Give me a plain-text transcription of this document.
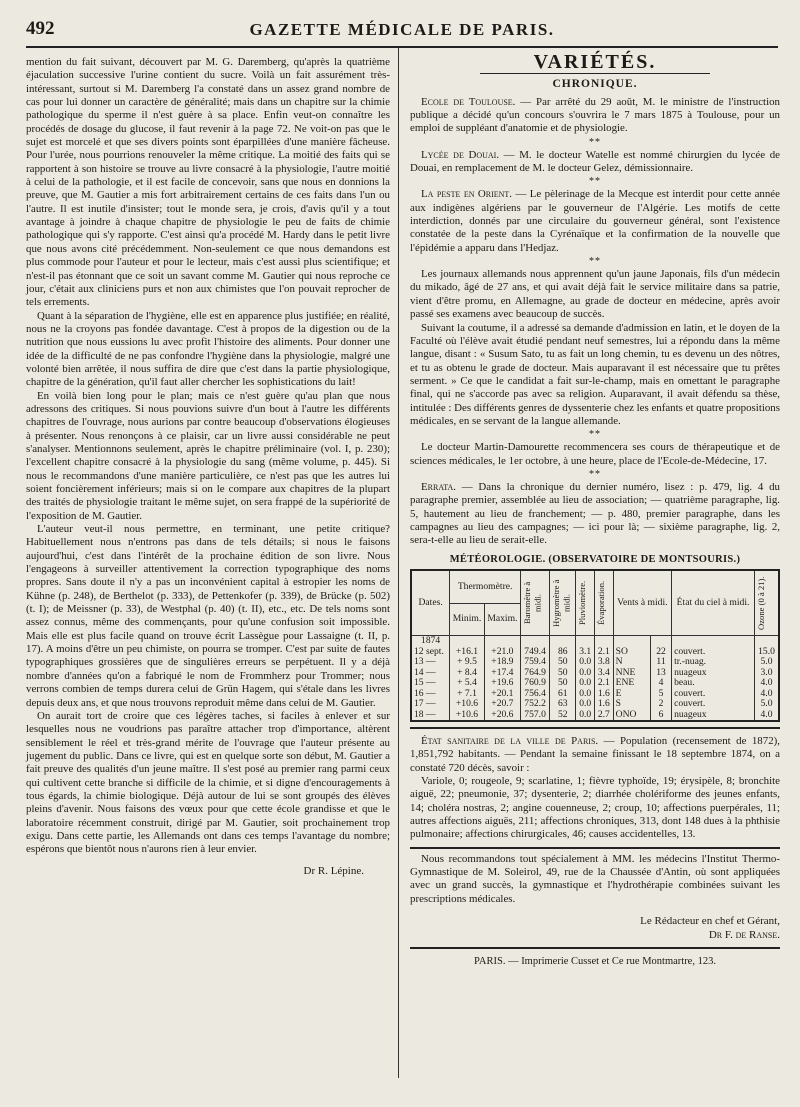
492	GAZETTE MÉDICALE DE PARIS.

mention du fait suivant, découvert par M. G. Daremberg, qu'après la quatrième éjaculation successive l'urine contient du sucre. Voilà un fait assurément très-intéressant, surtout si M. Daremberg l'a constaté dans un assez grand nombre de cas pour lui donner un caractère de généralité; mais dans un chapitre sur la chimie pathologique du sperme il n'est guère à sa place. Enfin veut-on connaître les procédés de dosage du glucose, il faut revenir à la page 72. Ne voit-on pas que le sujet est morcelé et que ses divers points sont éparpillées d'une manière fâcheuse. Pour l'urée, nous pourrions renouveler la même critique. La moitié des faits qui se rapportent à son histoire se trouve au livre consacré à la physiologie, l'autre moitié à celui de la pathologie, et il est facile de concevoir, sans que nous en donnions la preuve, que M. Gautier a mis fort arbitrairement certains de ces faits dans l'un ou l'autre. Il est inutile d'insister; tout le monde sera, je crois, d'avis qu'il y a tout avantage à joindre à chaque chapitre de physiologie le peu de faits de chimie pathologique qui s'y rapporte. C'est ainsi qu'a procédé M. Hardy dans le petit livre que nous avons cité précédemment. Non-seulement ce que nous demandons est plus commode pour l'auteur et pour le lecteur, mais c'est aussi plus scientifique; et n'est-il pas étonnant que ce soit un savant comme M. Gautier qui nous reproche ce jour, c'était aux cliniciens purs et non aux chimistes que l'on pouvait reprocher de tels errements.

Quant à la séparation de l'hygiène, elle est en apparence plus justifiée; en réalité, nous ne la croyons pas fondée davantage. C'est à propos de la digestion ou de la nutrition que nous eussions lu avec profit l'histoire des aliments. Pour donner une idée de la difficulté de ne pas confondre l'hygiène dans la physiologie, malgré une volonté bien arrêtée, il nous suffira de dire que c'est dans la partie physiologique, chapitre de la génération, qu'il faut aller chercher les sophistications du lait!

En voilà bien long pour le plan; mais ce n'est guère qu'au plan que nous adressons des critiques. Si nous pouvions suivre d'un bout à l'autre les différents chapitres de l'ouvrage, nous aurions par contre beaucoup d'observations élogieuses à présenter. Nous renonçons à ce plaisir, car un livre aussi considérable ne peut s'analyser. Mentionnons seulement, après le chapitre préliminaire (vol. I, p. 230); l'excellent chapitre consacré à la physiologie du sang (même volume, p. 445). Si nous le recommandons d'une manière particulière, ce n'est pas que les autres lui soient foncièrement inférieurs; mais si on le compare aux chapitres de la plupart des traités de physiologie traitant le même sujet, on sera frappé de la supériorité de l'exposition de M. Gautier.

L'auteur veut-il nous permettre, en terminant, une petite critique? Habituellement nous n'entrons pas dans de tels détails; si nous le faisons aujourd'hui, c'est dans l'intérêt de la prochaine édition de son livre. Nous l'engageons à surveiller attentivement la correction typographique des noms propres. Sans doute il n'y a pas un inconvénient capital à estropier les noms de Kühne (p. 248), de Berthelot (p. 333), de Pettenkofer (p. 339), de Brücke (p. 502)(t. I); de Meissner (p. 33), de Westphal (p. 40) (t. II), etc., etc. De tels noms sont assez connus, même des commençants, pour qu'une confusion soit impossible. Mais elle est plus facile quand on trouve écrit Lassègue pour Lassaigne (t. II, p. 17). A moins d'être un peu chimiste, on pourra se tromper. C'est par suite de fautes typographiques grossières que de singulières erreurs se perpétuent. Il y a déjà nombre d'années qu'on a fabriqué le nom de Frommherz pour Trommer; nous verrons combien de temps durera celui de Grün Hagem, qui s'étale dans les livres depuis deux ans, et que nous trouvons reproduit même dans celui de M. Gautier.

On aurait tort de croire que ces légères taches, si faciles à enlever et sur lesquelles nous ne voudrions pas paraître attacher trop d'importance, altèrent sensiblement le réel et très-grand mérite de l'ouvrage que l'auteur présente au jugement du public. Dans ce livre, qui est en quelque sorte son début, M. Gautier a fait preuve des qualités d'un jeune maître. Il s'est posé au premier rang parmi ceux qui cultivent cette branche si difficile de la chimie, et si digne d'encouragements à tous égards, la chimie biologique. Déjà autour de lui se sont groupés des élèves pleins d'avenir. Nous faisons des vœux pour que cette école grandisse et que le laboratoire récemment construit, dirigé par M. Gautier, soit prochainement trop exigu. Dans cette partie, les Allemands ont dans ces temps l'avantage du nombre; espérons que bientôt nous n'aurons rien à leur envier.

Dr R. Lépine.
VARIÉTÉS.
CHRONIQUE.

Ecole de Toulouse. — Par arrêté du 29 août, M. le ministre de l'instruction publique a décidé qu'un concours s'ouvrira le 7 mars 1875 à Toulouse, pour un emploi de suppléant d'anatomie et de physiologie.

**

Lycée de Douai. — M. le docteur Watelle est nommé chirurgien du lycée de Douai, en remplacement de M. le docteur Gelez, démissionnaire.

**

La peste en Orient. — Le pèlerinage de la Mecque est interdit pour cette année aux indigènes algériens par le gouverneur de l'Algérie. Les motifs de cette interdiction, donnés par une circulaire du gouverneur général, sont l'existence constatée de la peste dans la Cyrénaïque et la confirmation de la nouvelle que l'épidémie a apparu dans l'Hedjaz.

**

Les journaux allemands nous apprennent qu'un jaune Japonais, fils d'un médecin du mikado, âgé de 27 ans, et qui avait déjà fait le service militaire dans sa patrie, vient d'être promu, en Allemagne, au grade de docteur en médecine, après avoir passé ses examens avec beaucoup de succès.

Suivant la coutume, il a adressé sa demande d'admission en latin, et le doyen de la Faculté où l'élève avait étudié pendant neuf semestres, lui a répondu dans la même langue, disant : « Susum Sato, tu as fait un long chemin, tu es devenu un des nôtres, et tu as obtenu le grade de docteur. Mais auparavant il est nécessaire que tu prêtes serment. » Ce que le candidat a fait sur-le-champ, mais en omettant le paragraphe final, qui ne s'accorde pas avec sa religion. Auparavant, il avait défendu sa thèse, intitulée : Des différents genres de dyssenterie chez les enfants et quatre propositions médicales, en se servant de la langue allemande.

**

Le docteur Martin-Damourette recommencera ses cours de thérapeutique et de sciences médicales, le 1er octobre, à une heure, place de l'Ecole-de-Médecine, 17.

**

Errata. — Dans la chronique du dernier numéro, lisez : p. 479, lig. 4 du paragraphe premier, assemblée au lieu de association; — quatrième paragraphe, lig. 5, hautement au lieu de franchement; — p. 480, premier paragraphe, dans les campagnes au lieu des campagnes; — ici pour là; — sixième paragraphe, lig. 2, sera-t-elle au lieu de serait-elle.

MÉTÉOROLOGIE. (OBSERVATOIRE DE MONTSOURIS.)
Dates.	Thermomètre.		Baromètre à midi.	Hygromètre à midi.	Pluviomètre.	Évaporation.	Vents à midi.		État du ciel à midi.	Ozone (0 à 21).

	Minim.	Maxim.								
1874										
12 sept.	+16.1	+21.0	749.4	86	3.1	2.1	SO	22	couvert.	15.0
13 —	+ 9.5	+18.9	759.4	50	0.0	3.8	N	11	tr.-nuag.	5.0
14 —	+ 8.4	+17.4	764.9	50	0.0	3.4	NNE	13	nuageux	3.0
15 —	+ 5.4	+19.6	760.9	50	0.0	2.1	ENE	4	beau.	4.0
16 —	+ 7.1	+20.1	756.4	61	0.0	1.6	E	5	couvert.	4.0
17 —	+10.6	+20.7	752.2	63	0.0	1.6	S	2	couvert.	5.0
18 —	+10.6	+20.6	757.0	52	0.0	2.7	ONO	6	nuageux	4.0

État sanitaire de la ville de Paris. — Population (recensement de 1872), 1,851,792 habitants. — Pendant la semaine finissant le 18 septembre 1874, on a constaté 720 décès, savoir :

Variole, 0; rougeole, 9; scarlatine, 1; fièvre typhoïde, 19; érysipèle, 8; bronchite aiguë, 22; pneumonie, 37; dysenterie, 2; diarrhée cholériforme des jeunes enfants, 14; choléra nostras, 2; angine couenneuse, 2; croup, 10; affections puerpérales, 11; autres affections aiguës, 211; affections chroniques, 313, dont 148 dues à la phthisie pulmonaire; affections chirurgicales, 46; causes accidentelles, 13.

Nous recommandons tout spécialement à MM. les médecins l'Institut Thermo-Gymnastique de M. Soleirol, 49, rue de la Chaussée d'Antin, où sont appliquées avec un grand succès, la gymnastique et l'hydrothérapie combinées suivant les prescriptions médicales.

Le Rédacteur en chef et Gérant,
Dr F. de Ranse.
PARIS. — Imprimerie Cusset et Ce rue Montmartre, 123.
